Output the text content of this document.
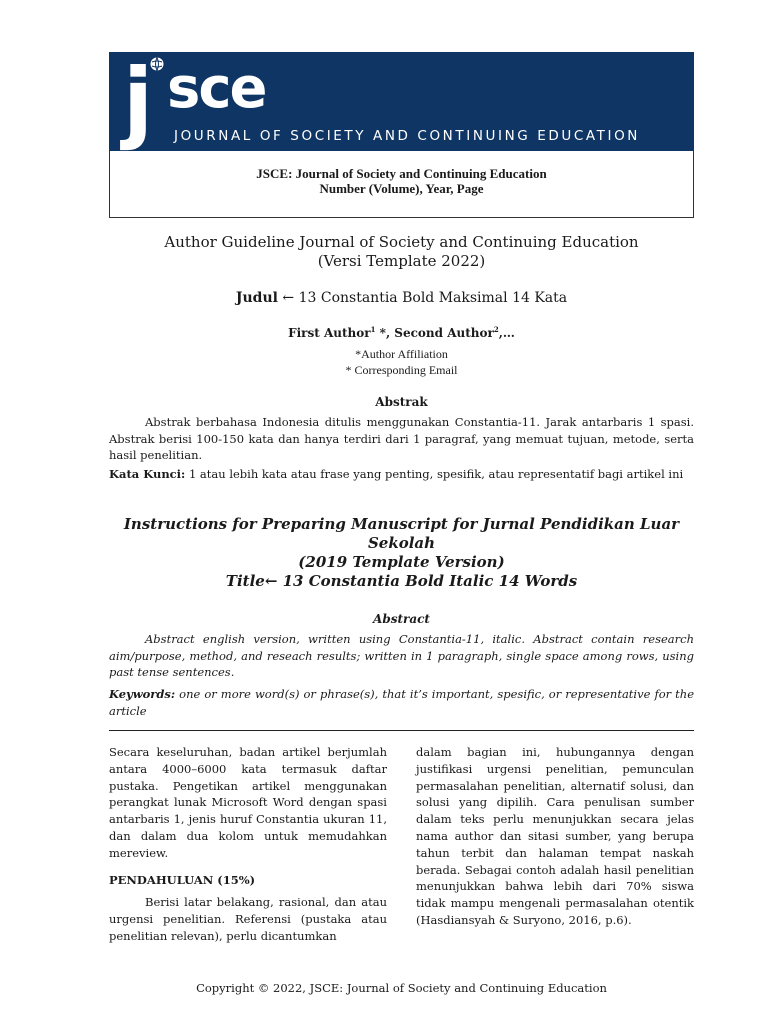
j sce
JOURNAL OF SOCIETY AND CONTINUING EDUCATION
JSCE: Journal of Society and Continuing Education
Number (Volume), Year, Page
Author Guideline Journal of Society and Continuing Education
(Versi Template 2022)
Judul ← 13 Constantia Bold Maksimal 14 Kata
First Author$^1$ *, Second Author$^2$,…
*Author Affiliation
* Corresponding Email
Abstrak
Abstrak berbahasa Indonesia ditulis menggunakan Constantia-11. Jarak antarbaris 1 spasi. Abstrak berisi 100-150 kata dan hanya terdiri dari 1 paragraf, yang memuat tujuan, metode, serta hasil penelitian.
Kata Kunci: 1 atau lebih kata atau frase yang penting, spesifik, atau representatif bagi artikel ini
Instructions for Preparing Manuscript for Jurnal Pendidikan Luar Sekolah
(2019 Template Version)
Title← 13 Constantia Bold Italic 14 Words
Abstract
Abstract english version, written using Constantia-11, italic. Abstract contain research aim/purpose, method, and reseach results; written in 1 paragraph, single space among rows, using past tense sentences.
Keywords: one or more word(s) or phrase(s), that it’s important, spesific, or representative for the article
Secara keseluruhan, badan artikel berjumlah antara 4000–6000 kata termasuk daftar pustaka. Pengetikan artikel menggunakan perangkat lunak Microsoft Word dengan spasi antarbaris 1, jenis huruf Constantia ukuran 11, dan dalam dua kolom untuk memudahkan mereview.
PENDAHULUAN (15%)
Berisi latar belakang, rasional, dan atau urgensi penelitian. Referensi (pustaka atau penelitian relevan), perlu dicantumkan
dalam bagian ini, hubungannya dengan justifikasi urgensi penelitian, pemunculan permasalahan penelitian, alternatif solusi, dan solusi yang dipilih. Cara penulisan sumber dalam teks perlu menunjukkan secara jelas nama author dan sitasi sumber, yang berupa tahun terbit dan halaman tempat naskah berada. Sebagai contoh adalah hasil penelitian menunjukkan bahwa lebih dari 70% siswa tidak mampu mengenali permasalahan otentik (Hasdiansyah & Suryono, 2016, p.6).
Copyright © 2022, JSCE: Journal of Society and Continuing Education
